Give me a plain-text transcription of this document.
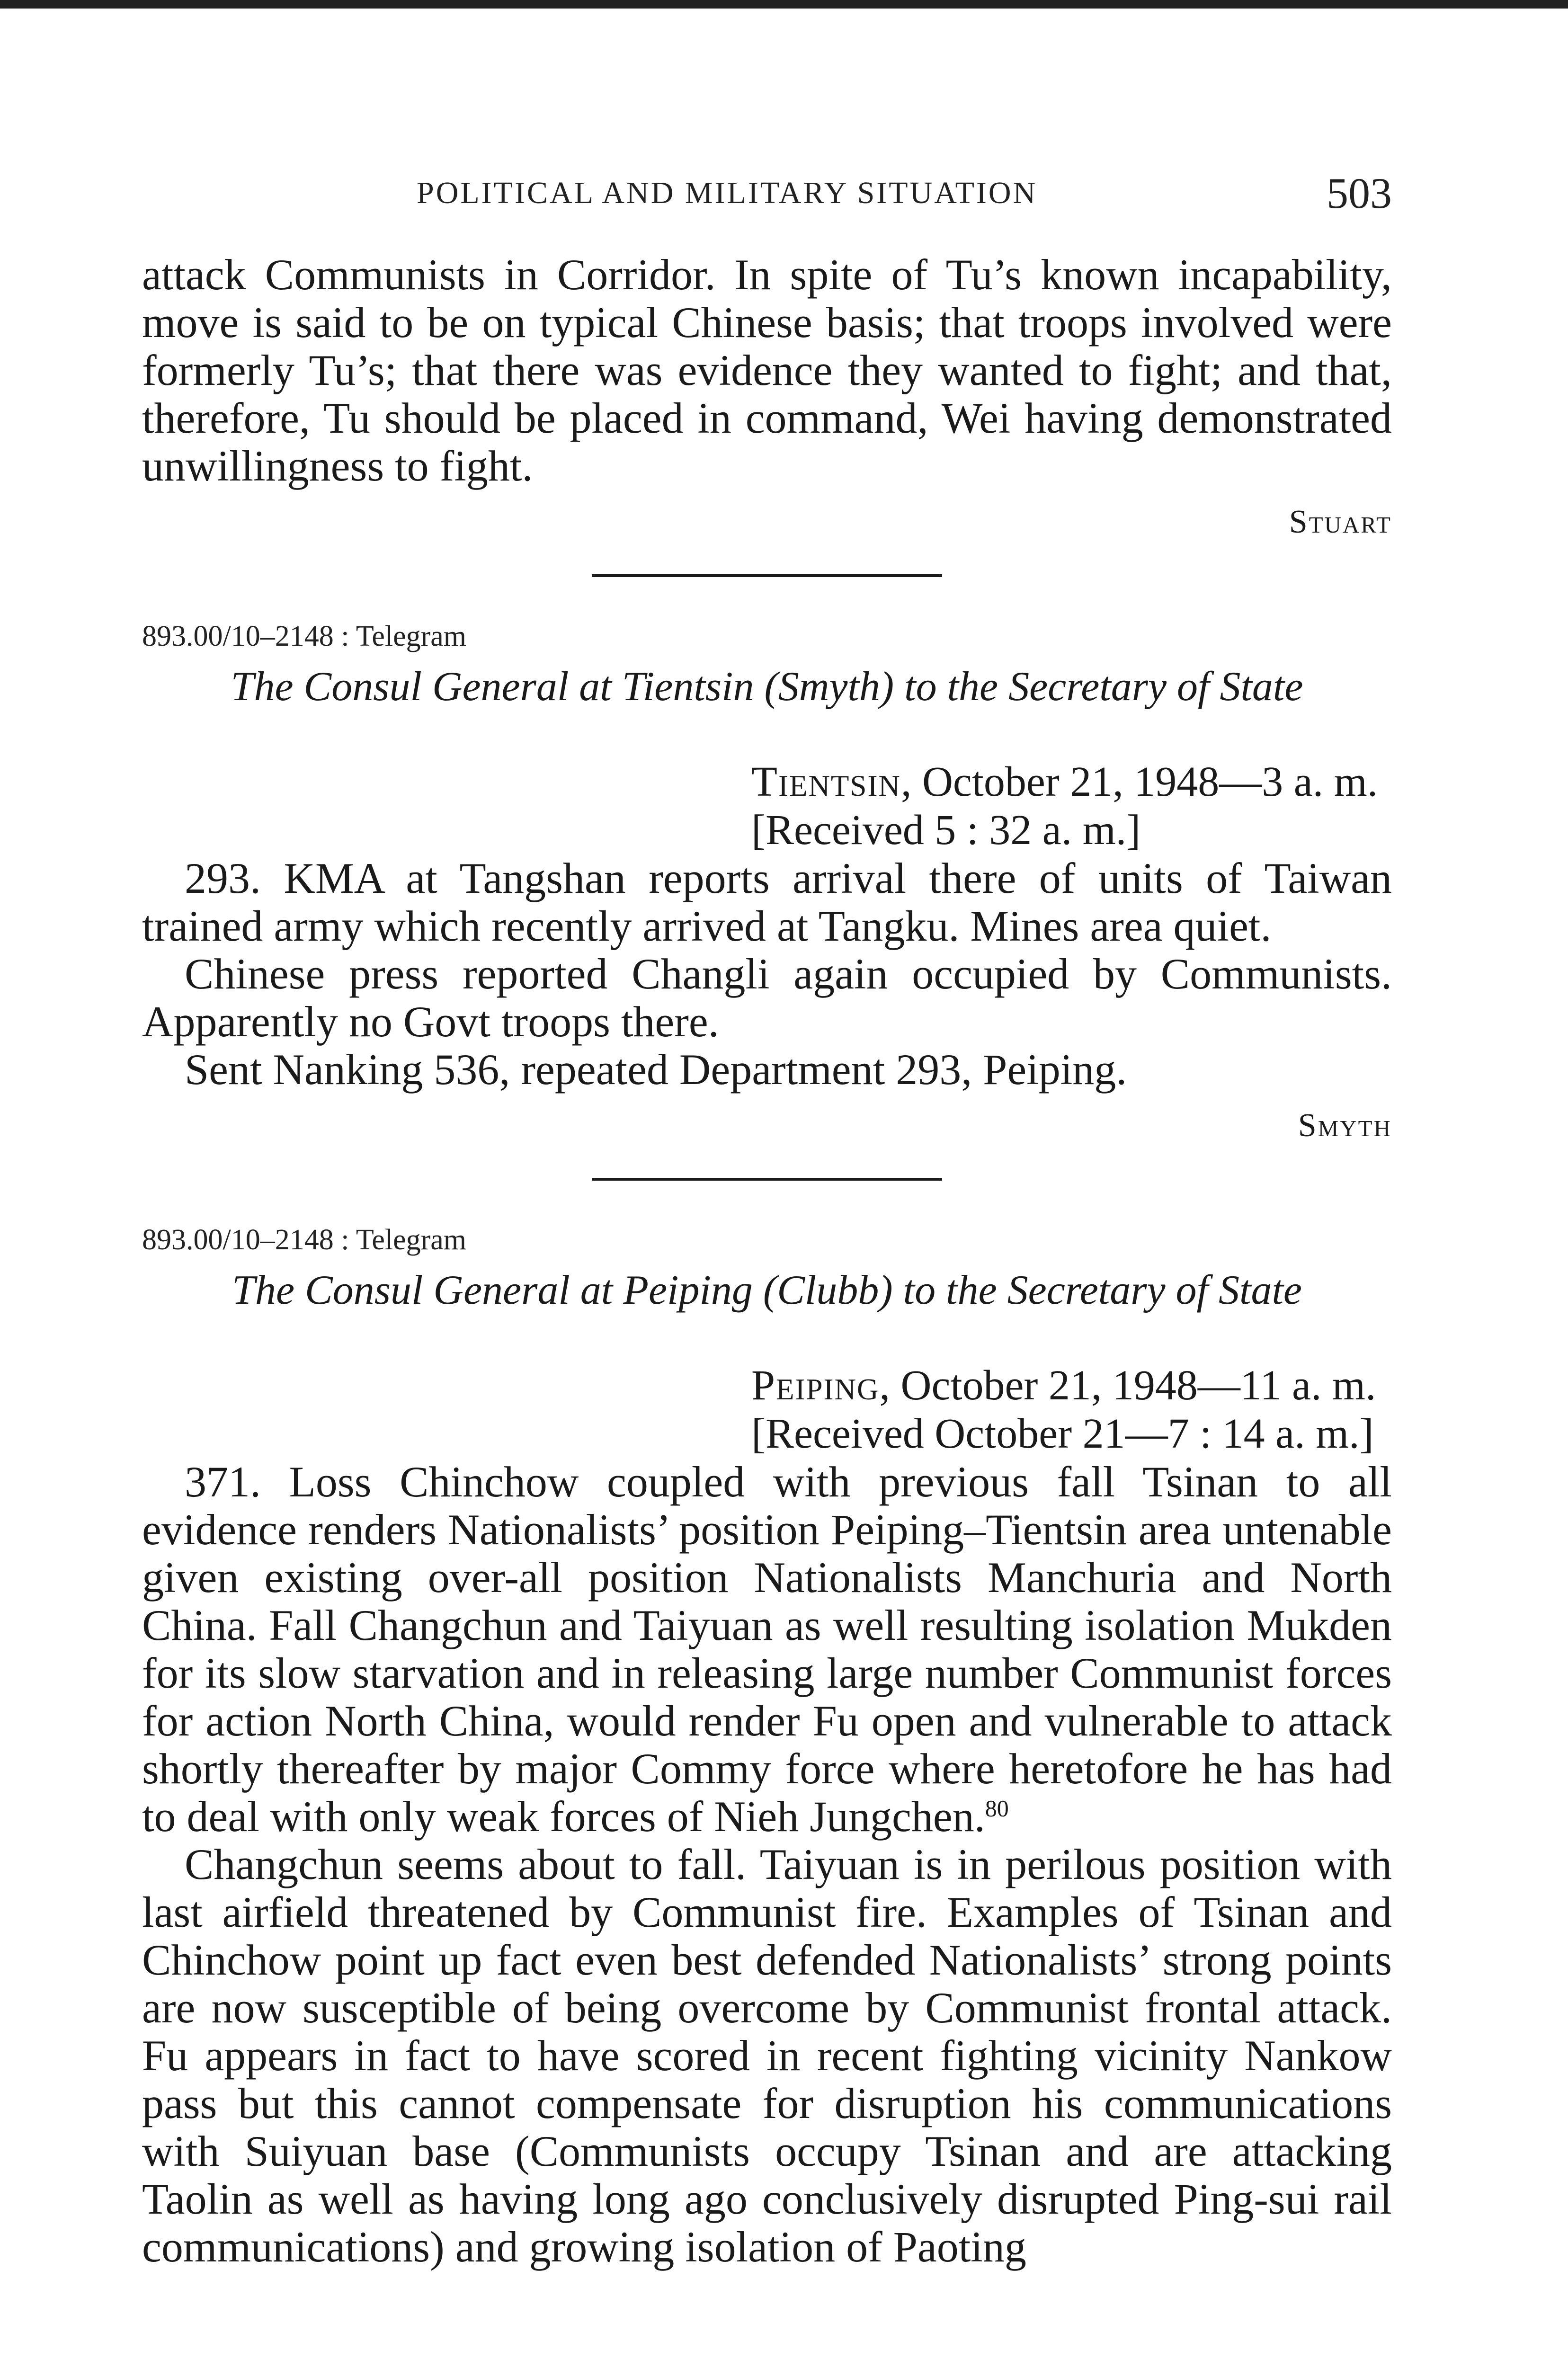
POLITICAL AND MILITARY SITUATION	503

attack Communists in Corridor. In spite of Tu’s known incapability, move is said to be on typical Chinese basis; that troops involved were formerly Tu’s; that there was evidence they wanted to fight; and that, therefore, Tu should be placed in command, Wei having demonstrated unwillingness to fight.

Stuart

893.00/10–2148 : Telegram

The Consul General at Tientsin (Smyth) to the Secretary of State

Tientsin, October 21, 1948—3 a. m.
[Received 5 : 32 a. m.]

293. KMA at Tangshan reports arrival there of units of Taiwan trained army which recently arrived at Tangku. Mines area quiet.

Chinese press reported Changli again occupied by Communists. Apparently no Govt troops there.

Sent Nanking 536, repeated Department 293, Peiping.

Smyth

893.00/10–2148 : Telegram

The Consul General at Peiping (Clubb) to the Secretary of State

Peiping, October 21, 1948—11 a. m.
[Received October 21—7 : 14 a. m.]

371. Loss Chinchow coupled with previous fall Tsinan to all evidence renders Nationalists’ position Peiping–Tientsin area untenable given existing over-all position Nationalists Manchuria and North China. Fall Changchun and Taiyuan as well resulting isolation Mukden for its slow starvation and in releasing large number Communist forces for action North China, would render Fu open and vulnerable to attack shortly thereafter by major Commy force where heretofore he has had to deal with only weak forces of Nieh Jungchen.$^{80}$

Changchun seems about to fall. Taiyuan is in perilous position with last airfield threatened by Communist fire. Examples of Tsinan and Chinchow point up fact even best defended Nationalists’ strong points are now susceptible of being overcome by Communist frontal attack. Fu appears in fact to have scored in recent fighting vicinity Nankow pass but this cannot compensate for disruption his communications with Suiyuan base (Communists occupy Tsinan and are attacking Taolin as well as having long ago conclusively disrupted Ping-sui rail communications) and growing isolation of Paoting
